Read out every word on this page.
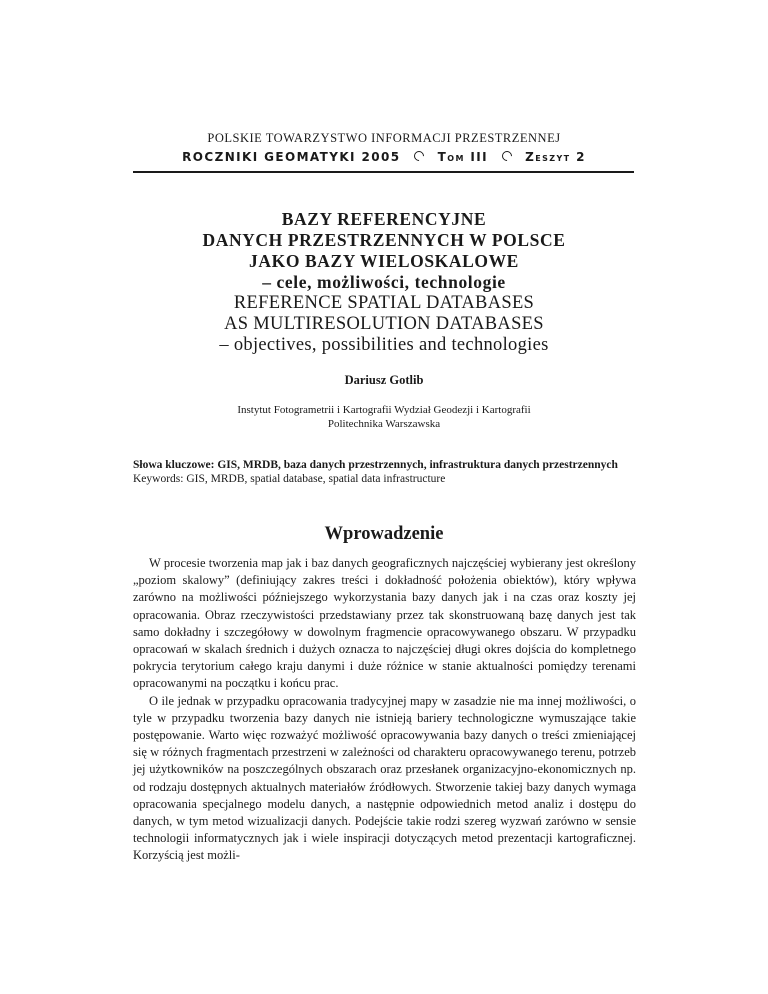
POLSKIE TOWARZYSTWO INFORMACJI PRZESTRZENNEJ
ROCZNIKI GEOMATYKI 2005	Tom III	Zeszyt 2
BAZY REFERENCYJNE
DANYCH PRZESTRZENNYCH W POLSCE
JAKO BAZY WIELOSKALOWE
– cele, możliwości, technologie
REFERENCE SPATIAL DATABASES
AS MULTIRESOLUTION DATABASES
– objectives, possibilities and technologies
Dariusz Gotlib
Instytut Fotogrametrii i Kartografii Wydział Geodezji i Kartografii
Politechnika Warszawska
Słowa kluczowe: GIS, MRDB, baza danych przestrzennych, infrastruktura danych przestrzennych
Keywords: GIS, MRDB, spatial database, spatial data infrastructure
Wprowadzenie

W procesie tworzenia map jak i baz danych geograficznych najczęściej wybierany jest określony „poziom skalowy” (definiujący zakres treści i dokładność położenia obiektów), który wpływa zarówno na możliwości późniejszego wykorzystania bazy danych jak i na czas oraz koszty jej opracowania. Obraz rzeczywistości przedstawiany przez tak skonstruowaną bazę danych jest tak samo dokładny i szczegółowy w dowolnym fragmencie opracowywanego obszaru. W przypadku opracowań w skalach średnich i dużych oznacza to najczęściej długi okres dojścia do kompletnego pokrycia terytorium całego kraju danymi i duże różnice w stanie aktualności pomiędzy terenami opracowanymi na początku i końcu prac.

O ile jednak w przypadku opracowania tradycyjnej mapy w zasadzie nie ma innej możliwości, o tyle w przypadku tworzenia bazy danych nie istnieją bariery technologiczne wymuszające takie postępowanie. Warto więc rozważyć możliwość opracowywania bazy danych o treści zmieniającej się w różnych fragmentach przestrzeni w zależności od charakteru opracowywanego terenu, potrzeb jej użytkowników na poszczególnych obszarach oraz przesłanek organizacyjno-ekonomicznych np. od rodzaju dostępnych aktualnych materiałów źródłowych. Stworzenie takiej bazy danych wymaga opracowania specjalnego modelu danych, a następnie odpowiednich metod analiz i dostępu do danych, w tym metod wizualizacji danych. Podejście takie rodzi szereg wyzwań zarówno w sensie technologii informatycznych jak i wiele inspiracji dotyczących metod prezentacji kartograficznej. Korzyścią jest możli-
